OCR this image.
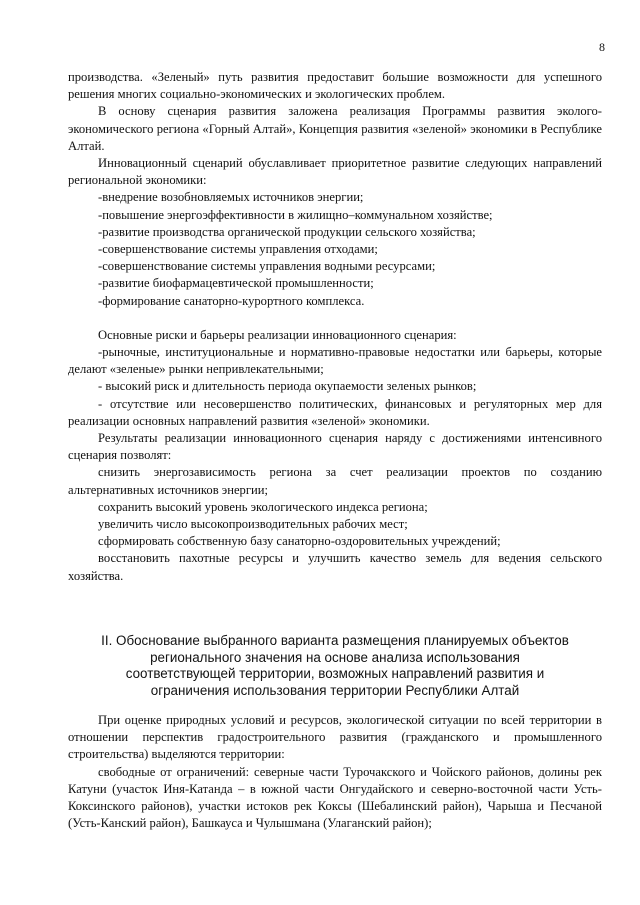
8

производства. «Зеленый» путь развития предоставит большие возможности для успешного решения многих социально-экономических и экологических проблем.

В основу сценария развития заложена реализация Программы развития эколого-экономического региона «Горный Алтай», Концепция развития «зеленой» экономики в Республике Алтай.

Инновационный сценарий обуславливает приоритетное развитие следующих направлений региональной экономики:

-внедрение возобновляемых источников энергии;

-повышение энергоэффективности в жилищно–коммунальном хозяйстве;

-развитие производства органической продукции сельского хозяйства;

-совершенствование системы управления отходами;

-совершенствование системы управления водными ресурсами;

-развитие биофармацевтической промышленности;

-формирование санаторно-курортного комплекса.

Основные риски и барьеры реализации инновационного сценария:

-рыночные, институциональные и нормативно-правовые недостатки или барьеры, которые делают «зеленые» рынки непривлекательными;

- высокий риск и длительность периода окупаемости зеленых рынков;

- отсутствие или несовершенство политических, финансовых и регуляторных мер для реализации основных направлений развития «зеленой» экономики.

Результаты реализации инновационного сценария наряду с достижениями интенсивного сценария позволят:

снизить энергозависимость региона за счет реализации проектов по созданию альтернативных источников энергии;

сохранить высокий уровень экологического индекса региона;

увеличить число высокопроизводительных рабочих мест;

сформировать собственную базу санаторно-оздоровительных учреждений;

восстановить пахотные ресурсы и улучшить качество земель для ведения сельского хозяйства.

II. Обоснование выбранного варианта размещения планируемых объектов
регионального значения на основе анализа использования
соответствующей территории, возможных направлений развития и
ограничения использования территории Республики Алтай

При оценке природных условий и ресурсов, экологической ситуации по всей территории в отношении перспектив градостроительного развития (гражданского и промышленного строительства) выделяются территории:

свободные от ограничений: северные части Турочакского и Чойского районов, долины рек Катуни (участок Иня-Катанда – в южной части Онгудайского и северно-восточной части Усть-Коксинского районов), участки истоков рек Коксы (Шебалинский район), Чарыша и Песчаной (Усть-Канский район), Башкауса и Чулышмана (Улаганский район);
